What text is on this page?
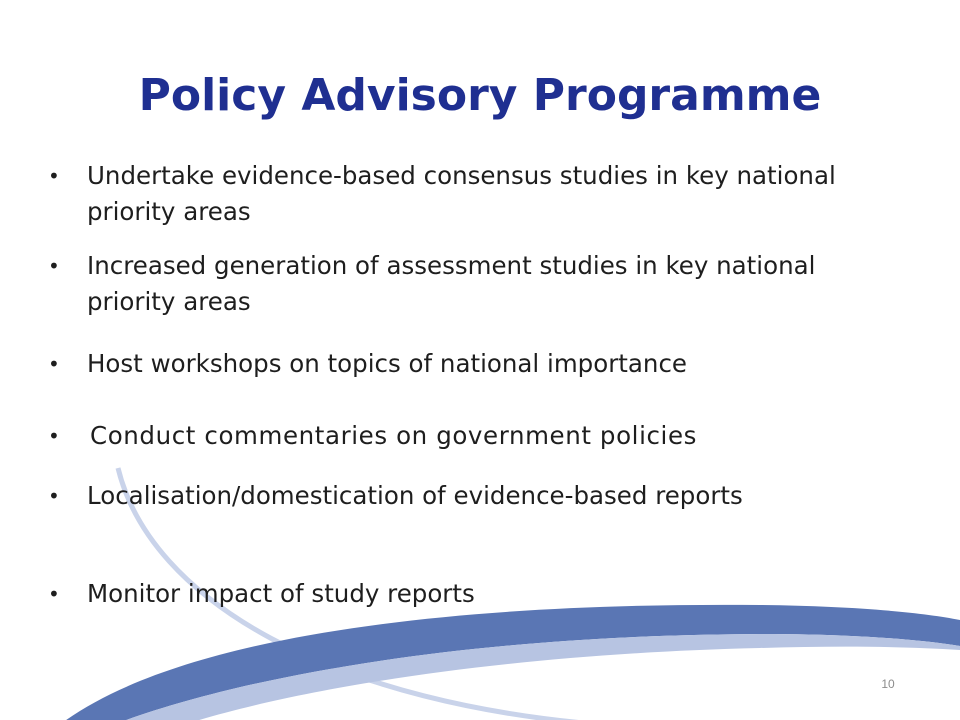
Policy Advisory Programme
•	Undertake evidence-based consensus studies in key national priority areas
•	Increased generation of assessment studies in key national priority areas
•	Host workshops on topics of national importance
•	Conduct commentaries on government policies
•	Localisation/domestication of evidence-based reports
•	Monitor impact of study reports
10
